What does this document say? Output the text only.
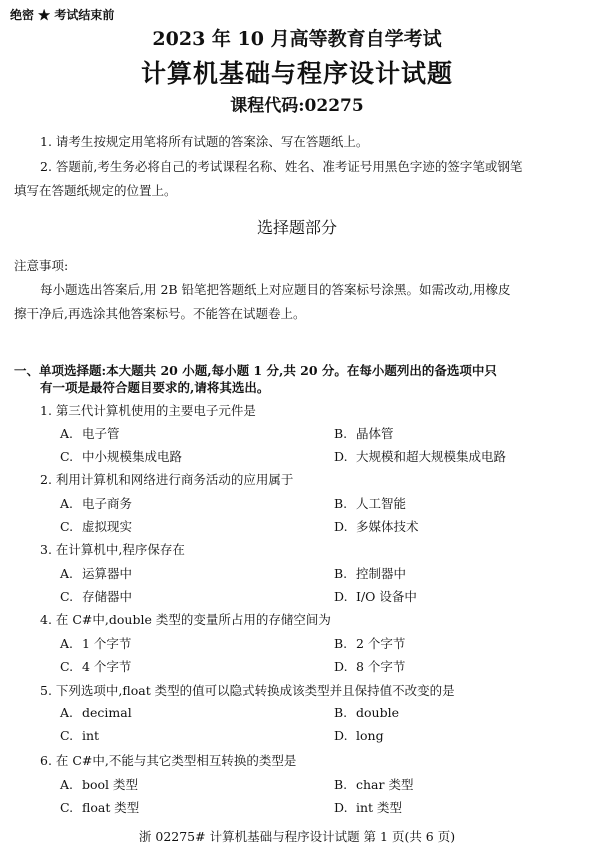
绝密 ★ 考试结束前
2023 年 10 月高等教育自学考试
计算机基础与程序设计试题
课程代码:02275
1. 请考生按规定用笔将所有试题的答案涂、写在答题纸上。
2. 答题前,考生务必将自己的考试课程名称、姓名、准考证号用黑色字迹的签字笔或钢笔
填写在答题纸规定的位置上。
选择题部分
注意事项:
每小题选出答案后,用 2B 铅笔把答题纸上对应题目的答案标号涂黑。如需改动,用橡皮
擦干净后,再选涂其他答案标号。不能答在试题卷上。
一、单项选择题:本大题共 20 小题,每小题 1 分,共 20 分。在每小题列出的备选项中只
有一项是最符合题目要求的,请将其选出。
1. 第三代计算机使用的主要电子元件是
A. 电子管	B. 晶体管
C. 中小规模集成电路	D. 大规模和超大规模集成电路
2. 利用计算机和网络进行商务活动的应用属于
A. 电子商务	B. 人工智能
C. 虚拟现实	D. 多媒体技术
3. 在计算机中,程序保存在
A. 运算器中	B. 控制器中
C. 存储器中	D. I/O 设备中
4. 在 C#中,double 类型的变量所占用的存储空间为
A. 1 个字节	B. 2 个字节
C. 4 个字节	D. 8 个字节
5. 下列选项中,float 类型的值可以隐式转换成该类型并且保持值不改变的是
A. decimal	B. double
C. int	D. long
6. 在 C#中,不能与其它类型相互转换的类型是
A. bool 类型	B. char 类型
C. float 类型	D. int 类型
浙 02275# 计算机基础与程序设计试题 第 1 页(共 6 页)
